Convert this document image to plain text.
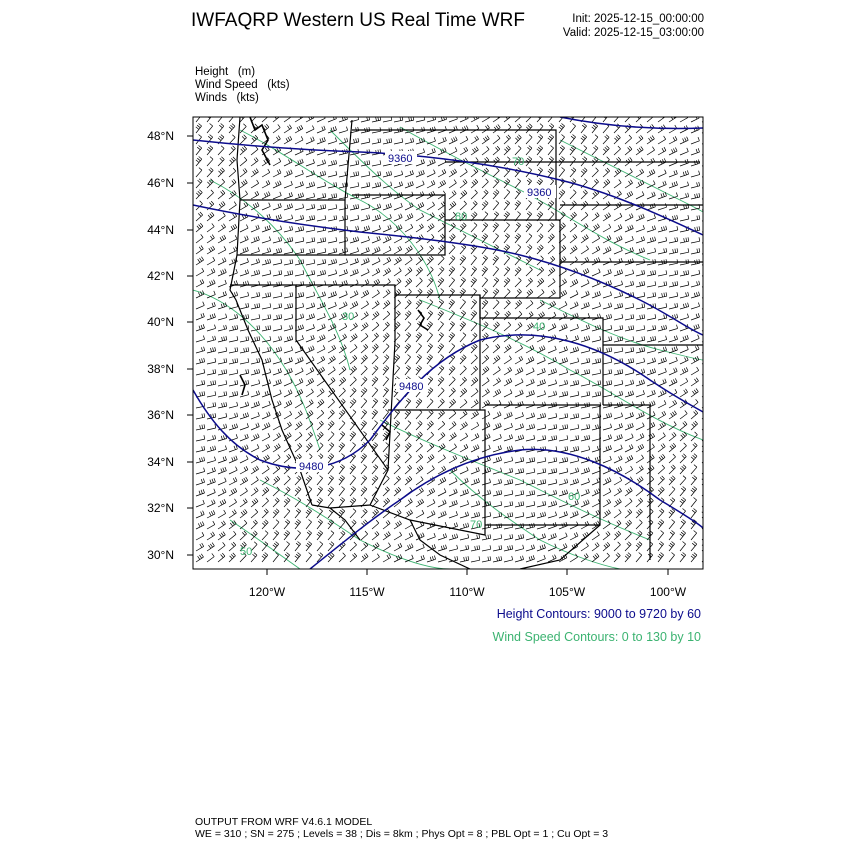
IWFAQRP Western US Real Time WRF	Init: 2025-12-15_00:00:00
Valid: 2025-12-15_03:00:00
Height   (m)
Wind Speed   (kts)
Winds   (kts)
48°N
46°N
44°N
42°N
40°N
38°N
36°N
34°N
32°N
30°N
120°W	115°W	110°W	105°W	100°W
9360
9360
9480
9480
30
70
40
70
60
80
50
Height Contours: 9000 to 9720 by 60
Wind Speed Contours: 0 to 130 by 10
OUTPUT FROM WRF V4.6.1 MODEL
WE = 310 ; SN = 275 ; Levels = 38 ; Dis = 8km ; Phys Opt = 8 ; PBL Opt = 1 ; Cu Opt = 3
